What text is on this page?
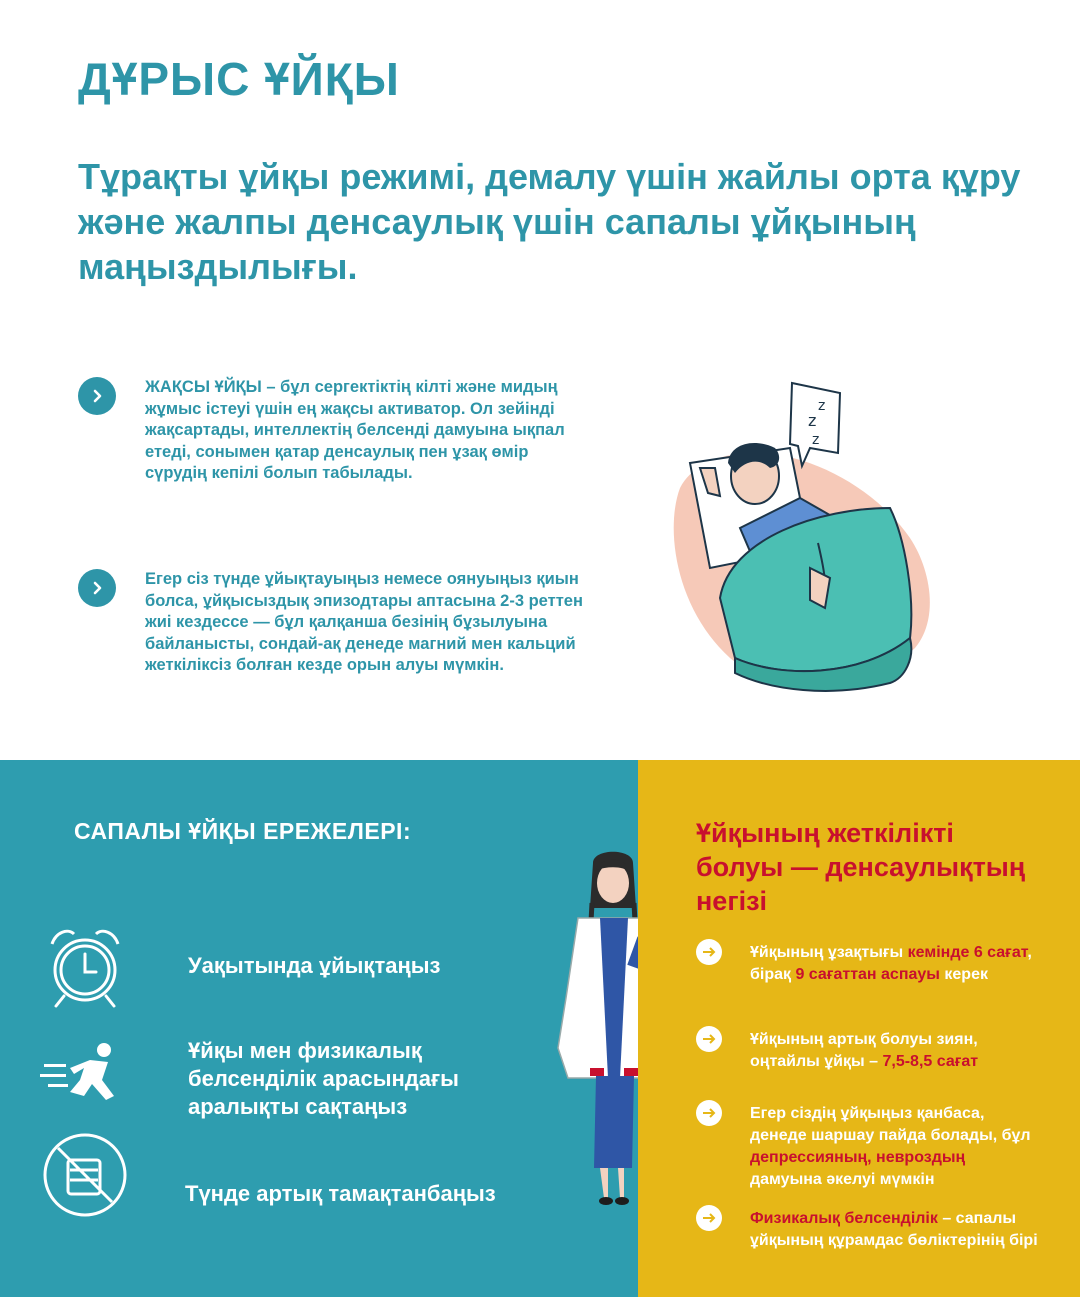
ДҰРЫС ҰЙҚЫ
Тұрақты ұйқы режимі, демалу үшін жайлы орта құру және жалпы денсаулық үшін сапалы ұйқының маңыздылығы.
ЖАҚСЫ ҰЙҚЫ – бұл сергектіктің кілті және мидың жұмыс істеуі үшін ең жақсы активатор. Ол зейінді жақсартады, интеллектің белсенді дамуына ықпал етеді, сонымен қатар денсаулық пен ұзақ өмір сүрудің кепілі болып табылады.
Егер сіз түнде ұйықтауыңыз немесе оянуыңыз қиын болса, ұйқысыздық эпизодтары аптасына 2-3 реттен жиі кездессе — бұл қалқанша безінің бұзылуына байланысты, сондай-ақ денеде магний мен кальций жеткіліксіз болған кезде орын алуы мүмкін.
z
z
z
САПАЛЫ ҰЙҚЫ ЕРЕЖЕЛЕРІ:
Уақытында ұйықтаңыз
Ұйқы мен физикалық белсенділік арасындағы аралықты сақтаңыз
Түнде артық тамақтанбаңыз
Ұйқының жеткілікті болуы — денсаулықтың негізі
Ұйқының ұзақтығы кемінде 6 сағат, бірақ 9 сағаттан аспауы керек
Ұйқының артық болуы зиян, оңтайлы ұйқы – 7,5-8,5 сағат
Егер сіздің ұйқыңыз қанбаса, денеде шаршау пайда болады, бұл депрессияның, невроздың дамуына әкелуі мүмкін
Физикалық белсенділік – сапалы ұйқының құрамдас бөліктерінің бірі
